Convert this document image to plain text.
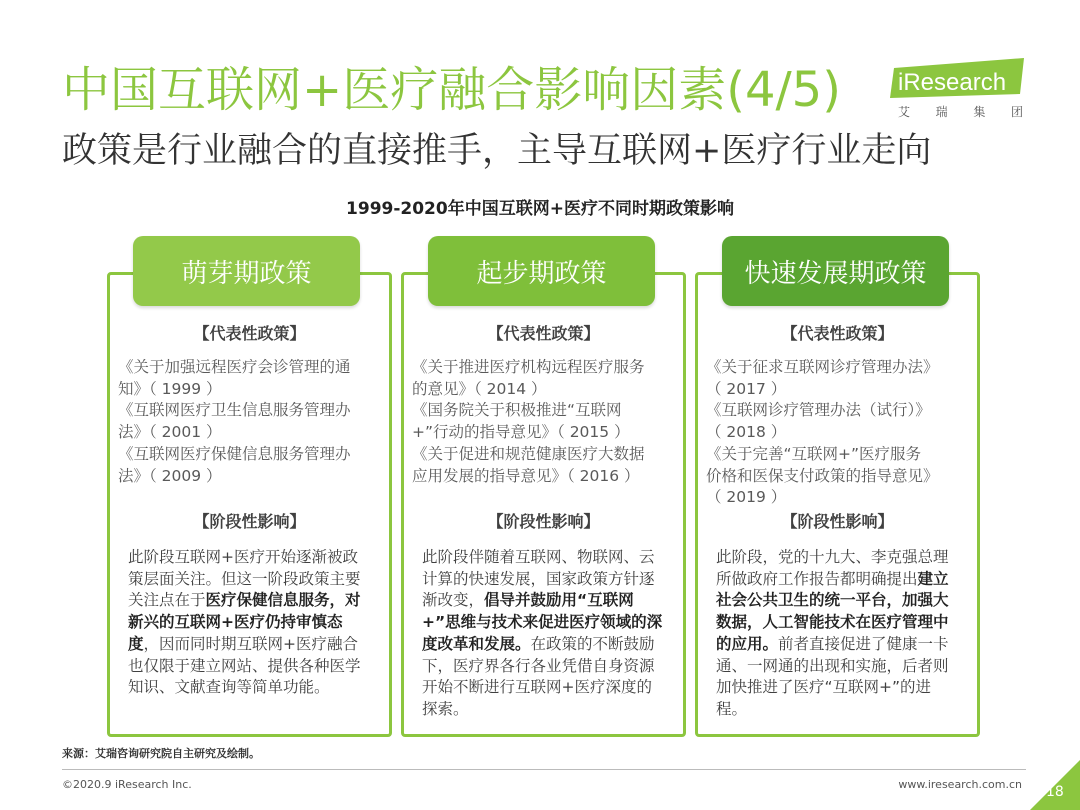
中国互联网+医疗融合影响因素(4/5)
政策是行业融合的直接推手，主导互联网+医疗行业走向
iResearch
艾 瑞 集 团
1999-2020年中国互联网+医疗不同时期政策影响
【代表性政策】
《关于加强远程医疗会诊管理的通
知》（ 1999 ）
《互联网医疗卫生信息服务管理办
法》（ 2001 ）
《互联网医疗保健信息服务管理办
法》（ 2009 ）
【阶段性影响】
此阶段互联网+医疗开始逐渐被政策层面关注。但这一阶段政策主要关注点在于医疗保健信息服务，对新兴的互联网+医疗仍持审慎态度，因而同时期互联网+医疗融合也仅限于建立网站、提供各种医学知识、文献查询等简单功能。
萌芽期政策
【代表性政策】
《关于推进医疗机构远程医疗服务
的意见》（ 2014 ）
《国务院关于积极推进“互联网
+”行动的指导意见》（ 2015 ）
《关于促进和规范健康医疗大数据
应用发展的指导意见》（ 2016 ）
【阶段性影响】
此阶段伴随着互联网、物联网、云计算的快速发展，国家政策方针逐渐改变，倡导并鼓励用“互联网+”思维与技术来促进医疗领域的深度改革和发展。在政策的不断鼓励下，医疗界各行各业凭借自身资源开始不断进行互联网+医疗深度的探索。
起步期政策
【代表性政策】
《关于征求互联网诊疗管理办法》
（ 2017 ）
《互联网诊疗管理办法（试行）》
（ 2018 ）
《关于完善“互联网+”医疗服务
价格和医保支付政策的指导意见》
（ 2019 ）
【阶段性影响】
此阶段，党的十九大、李克强总理所做政府工作报告都明确提出建立社会公共卫生的统一平台，加强大数据，人工智能技术在医疗管理中的应用。前者直接促进了健康一卡通、一网通的出现和实施，后者则加快推进了医疗“互联网+”的进程。
快速发展期政策
来源：艾瑞咨询研究院自主研究及绘制。
©2020.9 iResearch Inc.	www.iresearch.com.cn 18
